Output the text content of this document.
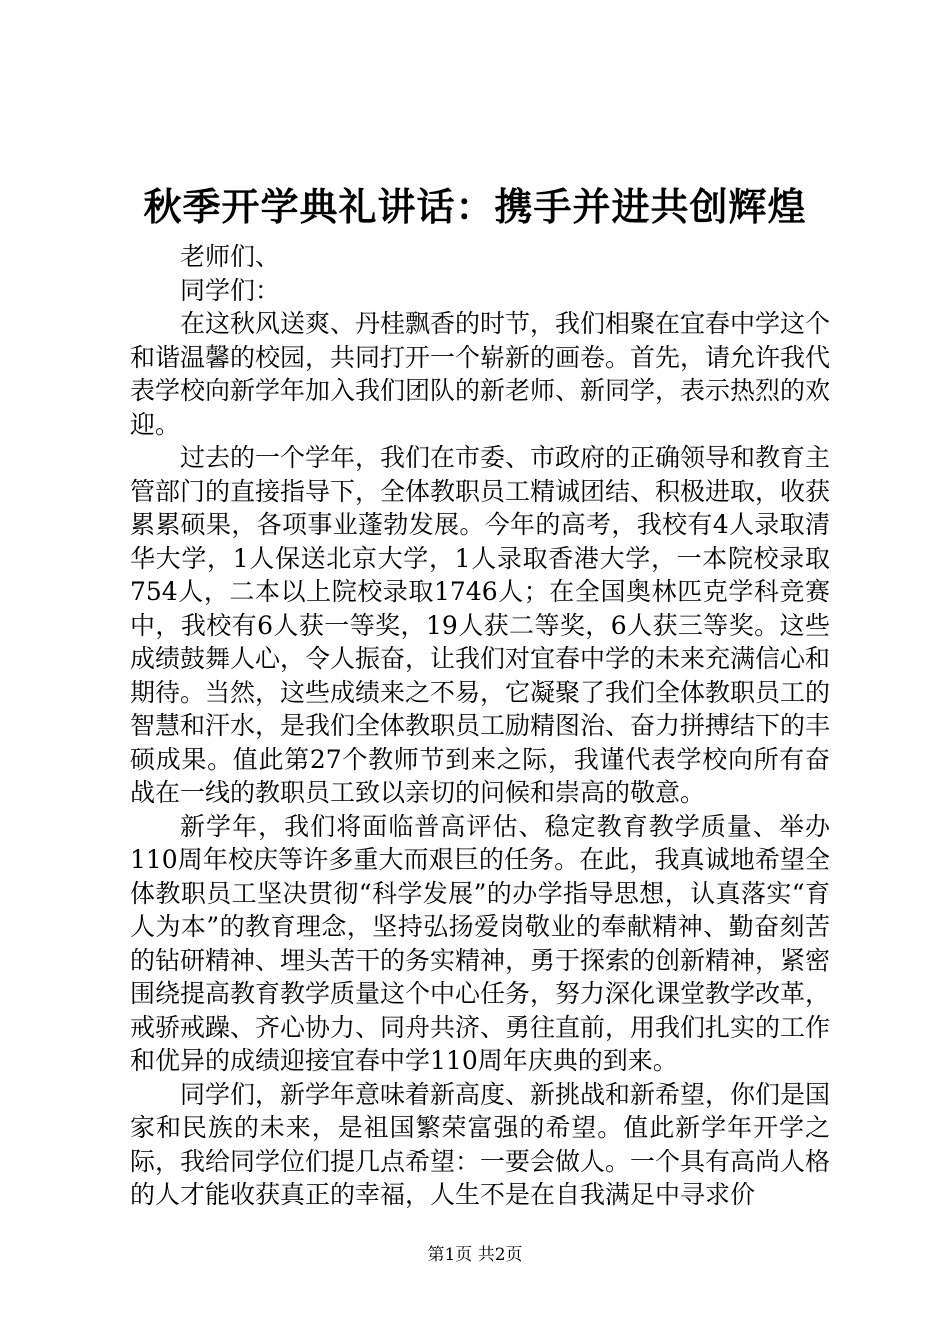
秋季开学典礼讲话：携手并进共创辉煌
老师们、
同学们：

在这秋风送爽、丹桂飘香的时节，我们相聚在宜春中学这个和谐温馨的校园，共同打开一个崭新的画卷。首先，请允许我代表学校向新学年加入我们团队的新老师、新同学，表示热烈的欢迎。

过去的一个学年，我们在市委、市政府的正确领导和教育主管部门的直接指导下，全体教职员工精诚团结、积极进取，收获累累硕果，各项事业蓬勃发展。今年的高考，我校有4人录取清华大学，1人保送北京大学，1人录取香港大学，一本院校录取754人，二本以上院校录取1746人；在全国奥林匹克学科竞赛中，我校有6人获一等奖，19人获二等奖，6人获三等奖。这些成绩鼓舞人心，令人振奋，让我们对宜春中学的未来充满信心和期待。当然，这些成绩来之不易，它凝聚了我们全体教职员工的智慧和汗水，是我们全体教职员工励精图治、奋力拼搏结下的丰硕成果。值此第27个教师节到来之际，我谨代表学校向所有奋战在一线的教职员工致以亲切的问候和崇高的敬意。

新学年，我们将面临普高评估、稳定教育教学质量、举办110周年校庆等许多重大而艰巨的任务。在此，我真诚地希望全体教职员工坚决贯彻“科学发展”的办学指导思想，认真落实“育人为本”的教育理念，坚持弘扬爱岗敬业的奉献精神、勤奋刻苦的钻研精神、埋头苦干的务实精神，勇于探索的创新精神，紧密围绕提高教育教学质量这个中心任务，努力深化课堂教学改革，戒骄戒躁、齐心协力、同舟共济、勇往直前，用我们扎实的工作和优异的成绩迎接宜春中学110周年庆典的到来。

同学们，新学年意味着新高度、新挑战和新希望，你们是国家和民族的未来，是祖国繁荣富强的希望。值此新学年开学之际，我给同学位们提几点希望：一要会做人。一个具有高尚人格的人才能收获真正的幸福，人生不是在自我满足中寻求价

第1页 共2页
